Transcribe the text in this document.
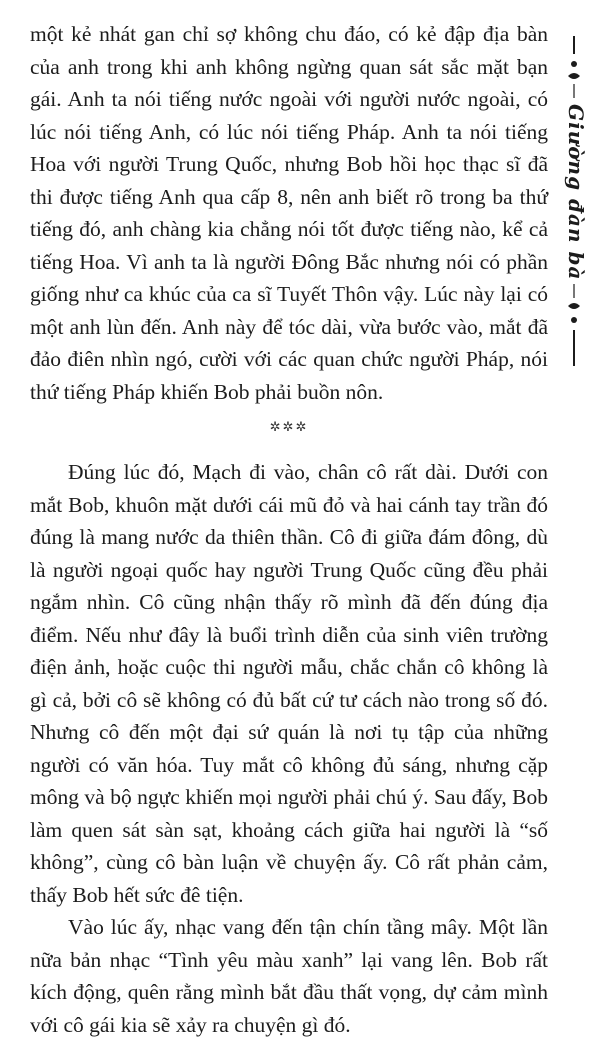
một kẻ nhát gan chỉ sợ không chu đáo, có kẻ đập địa bàn của anh trong khi anh không ngừng quan sát sắc mặt bạn gái. Anh ta nói tiếng nước ngoài với người nước ngoài, có lúc nói tiếng Anh, có lúc nói tiếng Pháp. Anh ta nói tiếng Hoa với người Trung Quốc, nhưng Bob hồi học thạc sĩ đã thi được tiếng Anh qua cấp 8, nên anh biết rõ trong ba thứ tiếng đó, anh chàng kia chẳng nói tốt được tiếng nào, kể cả tiếng Hoa. Vì anh ta là người Đông Bắc nhưng nói có phần giống như ca khúc của ca sĩ Tuyết Thôn vậy. Lúc này lại có một anh lùn đến. Anh này để tóc dài, vừa bước vào, mắt đã đảo điên nhìn ngó, cười với các quan chức người Pháp, nói thứ tiếng Pháp khiến Bob phải buồn nôn.

✲✲✲

Đúng lúc đó, Mạch đi vào, chân cô rất dài. Dưới con mắt Bob, khuôn mặt dưới cái mũ đỏ và hai cánh tay trần đó đúng là mang nước da thiên thần. Cô đi giữa đám đông, dù là người ngoại quốc hay người Trung Quốc cũng đều phải ngắm nhìn. Cô cũng nhận thấy rõ mình đã đến đúng địa điểm. Nếu như đây là buổi trình diễn của sinh viên trường điện ảnh, hoặc cuộc thi người mẫu, chắc chắn cô không là gì cả, bởi cô sẽ không có đủ bất cứ tư cách nào trong số đó. Nhưng cô đến một đại sứ quán là nơi tụ tập của những người có văn hóa. Tuy mắt cô không đủ sáng, nhưng cặp mông và bộ ngực khiến mọi người phải chú ý. Sau đấy, Bob làm quen sát sàn sạt, khoảng cách giữa hai người là “số không”, cùng cô bàn luận về chuyện ấy. Cô rất phản cảm, thấy Bob hết sức đê tiện.

Vào lúc ấy, nhạc vang đến tận chín tầng mây. Một lần nữa bản nhạc “Tình yêu màu xanh” lại vang lên. Bob rất kích động, quên rằng mình bắt đầu thất vọng, dự cảm mình với cô gái kia sẽ xảy ra chuyện gì đó.

Giường đàn bà
